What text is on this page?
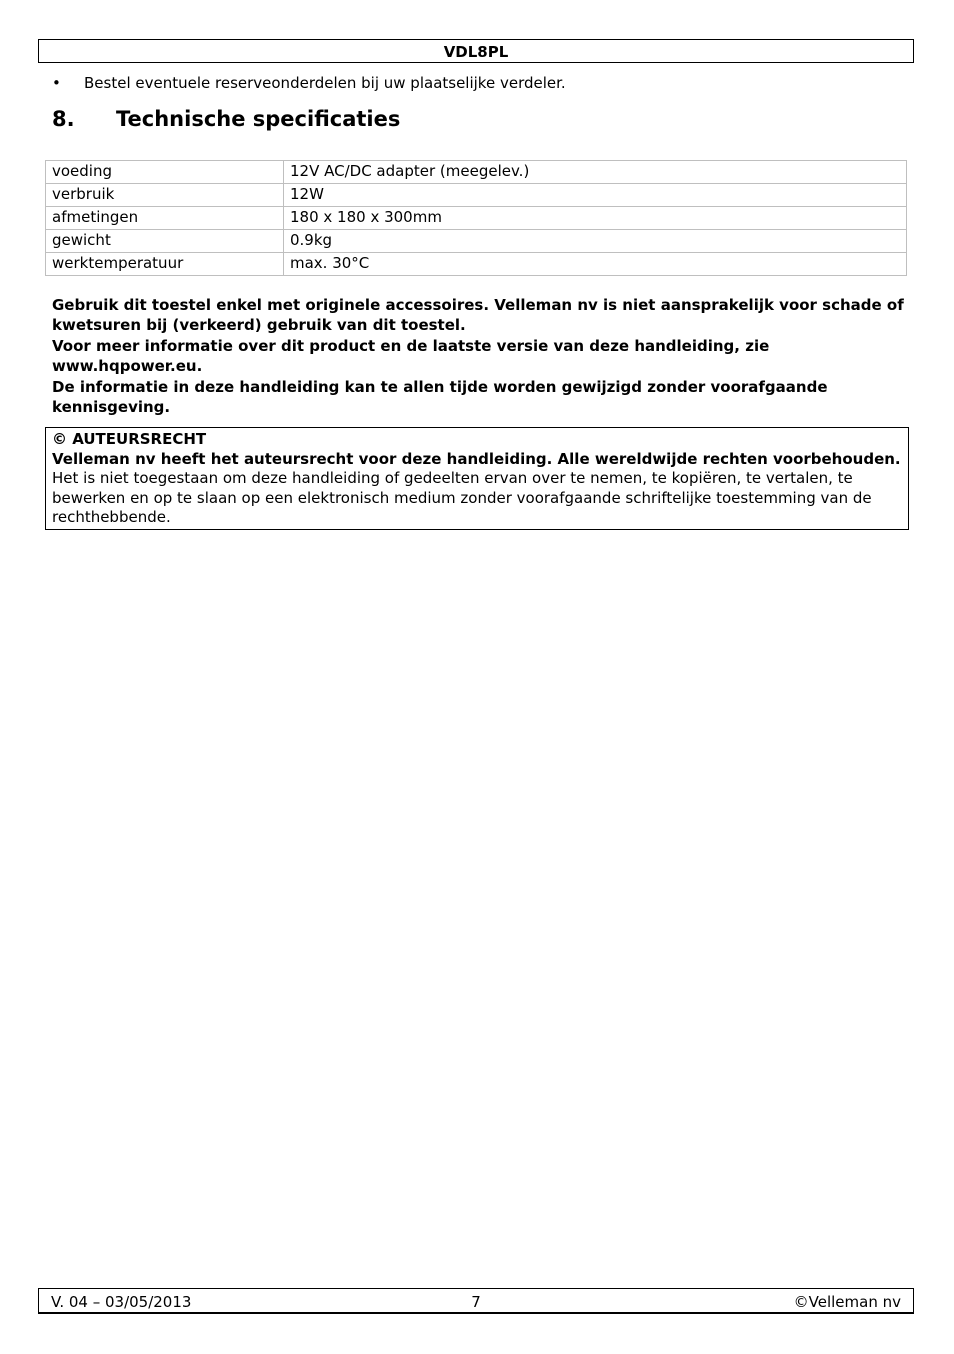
VDL8PL
• Bestel eventuele reserveonderdelen bij uw plaatselijke verdeler.
8. Technische specificaties
voeding	12V AC/DC adapter (meegelev.)
verbruik	12W
afmetingen	180 x 180 x 300mm
gewicht	0.9kg
werktemperatuur	max. 30°C

Gebruik dit toestel enkel met originele accessoires. Velleman nv is niet aansprakelijk voor schade of kwetsuren bij (verkeerd) gebruik van dit toestel.

Voor meer informatie over dit product en de laatste versie van deze handleiding, zie www.hqpower.eu.

De informatie in deze handleiding kan te allen tijde worden gewijzigd zonder voorafgaande kennisgeving.

© AUTEURSRECHT

Velleman nv heeft het auteursrecht voor deze handleiding. Alle wereldwijde rechten voorbehouden. Het is niet toegestaan om deze handleiding of gedeelten ervan over te nemen, te kopiëren, te vertalen, te bewerken en op te slaan op een elektronisch medium zonder voorafgaande schriftelijke toestemming van de rechthebbende.

V. 04 – 03/05/2013	7	©Velleman nv
